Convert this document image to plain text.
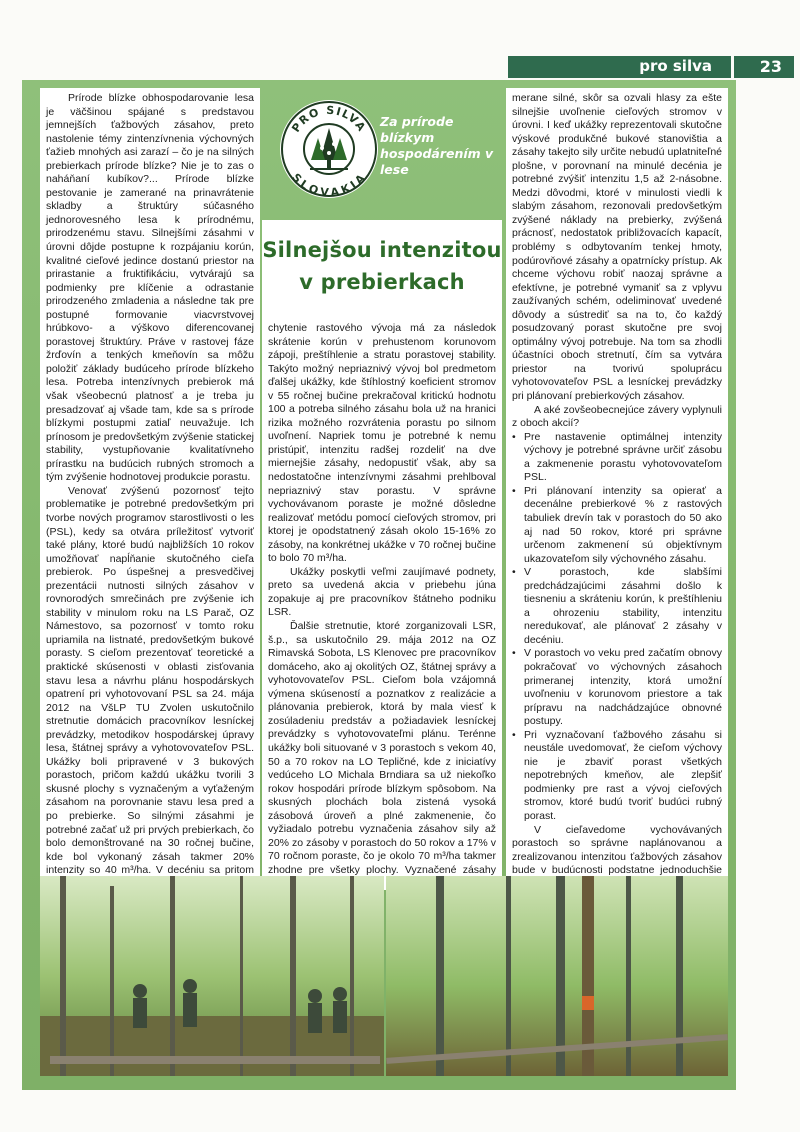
pro silva	23

Prírode blízke obhospodarovanie lesa je väčšinou spájané s predstavou jemnejších ťažbových zásahov, preto nastolenie témy zintenzívnenia výchovných ťažieb mnohých asi zarazí – čo je na silných prebierkach prírode blízke? Nie je to zas o naháňaní kubíkov?... Prírode blízke pestovanie je zamerané na prinavrátenie skladby a štruktúry súčasného jednorovesného lesa k prírodnému, prirodzenému stavu. Silnejšími zásahmi v úrovni dôjde postupne k rozpájaniu korún, kvalitné cieľové jedince dostanú priestor na prirastanie a fruktifikáciu, vytvárajú sa podmienky pre klíčenie a odrastanie prirodzeného zmladenia a následne tak pre postupné formovanie viacvrstvovej hrúbkovo- a výškovo diferencovanej porastovej štruktúry. Práve v rastovej fáze žrďovín a tenkých kmeňovín sa môžu položiť základy budúceho prírode blízkeho lesa. Potreba intenzívnych prebierok má však všeobecnú platnosť a je treba ju presadzovať aj všade tam, kde sa s prírode blízkymi postupmi zatiaľ neuvažuje. Ich prínosom je predovšetkým zvýšenie statickej stability, vystupňovanie kvalitatívneho prírastku na budúcich rubných stromoch a tým zvýšenie hodnotovej produkcie porastu.

Venovať zvýšenú pozornosť tejto problematike je potrebné predovšetkým pri tvorbe nových programov starostlivosti o les (PSL), kedy sa otvára príležitosť vytvoriť také plány, ktoré budú najbližších 10 rokov umožňovať napĺňanie skutočného cieľa prebierok. Po úspešnej a presvedčivej prezentácii nutnosti silných zásahov v rovnorodých smrečinách pre zvýšenie ich stability v minulom roku na LS Parač, OZ Námestovo, sa pozornosť v tomto roku upriamila na listnaté, predovšetkým bukové porasty. S cieľom prezentovať teoretické a praktické skúsenosti v oblasti zisťovania stavu lesa a návrhu plánu hospodárskych opatrení pri vyhotovovaní PSL sa 24. mája 2012 na VšLP TU Zvolen uskutočnilo stretnutie domácich pracovníkov lesníckej prevádzky, metodikov hospodárskej úpravy lesa, štátnej správy a vyhotovovateľov PSL. Ukážky boli pripravené v 3 bukových porastoch, pričom každú ukážku tvorili 3 skusné plochy s vyznačeným a vyťaženým zásahom na porovnanie stavu lesa pred a po prebierke. So silnými zásahmi je potrebné začať už pri prvých prebierkach, čo bolo demonštrované na 30 ročnej bučine, kde bol vykonaný zásah takmer 20% intenzity so 40 m³/ha. V decéniu sa pritom

PRO SILVA
SLOVAKIA
Za prírode blízkym hospodárením v lese
Silnejšou intenzitou
v prebierkach

chytenie rastového vývoja má za následok skrátenie korún v prehustenom korunovom zápoji, preštíhlenie a stratu porastovej stability. Takýto možný nepriaznivý vývoj bol predmetom ďalšej ukážky, kde štíhlostný koeficient stromov v 55 ročnej bučine prekračoval kritickú hodnotu 100 a potreba silného zásahu bola už na hranici rizika možného rozvrátenia porastu po silnom uvoľnení. Napriek tomu je potrebné k nemu pristúpiť, intenzitu radšej rozdeliť na dve miernejšie zásahy, nedopustiť však, aby sa nedostatočne intenzívnymi zásahmi prehlboval nepriaznivý stav porastu. V správne vychovávanom poraste je možné dôsledne realizovať metódu pomocí cieľových stromov, pri ktorej je opodstatnený zásah okolo 15-16% zo zásoby, na konkrétnej ukážke v 70 ročnej bučine to bolo 70 m³/ha.

Ukážky poskytli veľmi zaujímavé podnety, preto sa uvedená akcia v priebehu júna zopakuje aj pre pracovníkov štátneho podniku LSR.

Ďalšie stretnutie, ktoré zorganizovali LSR, š.p., sa uskutočnilo 29. mája 2012 na OZ Rimavská Sobota, LS Klenovec pre pracovníkov domáceho, ako aj okolitých OZ, štátnej správy a vyhotovovateľov PSL. Cieľom bola vzájomná výmena skúseností a poznatkov z realizácie a plánovania prebierok, ktorá by mala viesť k zosúladeniu predstáv a požiadaviek lesníckej prevádzky s vyhotovovateľmi plánu. Terénne ukážky boli situované v 3 porastoch s vekom 40, 50 a 70 rokov na LO Tepličné, kde z iniciatívy vedúceho LO Michala Brndiara sa už niekoľko rokov hospodári prírode blízkym spôsobom. Na skusných plochách bola zistená vysoká zásobová úroveň a plné zakmenenie, čo vyžiadalo potrebu vyznačenia zásahov sily až 20% zo zásoby v porastoch do 50 rokov a 17% v 70 ročnom poraste, čo je okolo 70 m³/ha takmer zhodne pre všetky plochy. Vyznačené zásahy

merane silné, skôr sa ozvali hlasy za ešte silnejšie uvoľnenie cieľových stromov v úrovni. I keď ukážky reprezentovali skutočne výskové produkčné bukové stanovištia a zásahy takejto sily určite nebudú uplatniteľné plošne, v porovnaní na minulé decénia je potrebné zvýšiť intenzitu 1,5 až 2-násobne. Medzi dôvodmi, ktoré v minulosti viedli k slabým zásahom, rezonovali predovšetkým zvýšené náklady na prebierky, zvýšená prácnosť, nedostatok približovacích kapacít, problémy s odbytovaním tenkej hmoty, podúrovňové zásahy a opatrnícky prístup. Ak chceme výchovu robiť naozaj správne a efektívne, je potrebné vymaniť sa z vplyvu zaužívaných schém, odeliminovať uvedené dôvody a sústrediť sa na to, čo každý posudzovaný porast skutočne pre svoj optimálny vývoj potrebuje. Na tom sa zhodli účastníci oboch stretnutí, čím sa vytvára priestor na tvorivú spoluprácu vyhotovovateľov PSL a lesníckej prevádzky pri plánovaní prebierkových zásahov.

A aké zovšeobecnejúce závery vyplynuli z oboch akcií?

• Pre nastavenie optimálnej intenzity výchovy je potrebné správne určiť zásobu a zakmenenie porastu vyhotovovateľom PSL.
• Pri plánovaní intenzity sa opierať a decenálne prebierkové % z rastových tabuliek drevín tak v porastoch do 50 ako aj nad 50 rokov, ktoré pri správne určenom zakmenení sú objektívnym ukazovateľom sily výchovného zásahu.
• V porastoch, kde slabšími predchádzajúcimi zásahmi došlo k tiesneniu a skráteniu korún, k preštíhleniu a ohrozeniu stability, intenzitu neredukovať, ale plánovať 2 zásahy v decéniu.
• V porastoch vo veku pred začatím obnovy pokračovať vo výchovných zásahoch primeranej intenzity, ktorá umožní uvoľneniu v korunovom priestore a tak prípravu na nadchádzajúce obnovné postupy.
• Pri vyznačovaní ťažbového zásahu si neustále uvedomovať, že cieľom výchovy nie je zbaviť porast všetkých nepotrebných kmeňov, ale zlepšiť podmienky pre rast a vývoj cieľových stromov, ktoré budú tvoriť budúci rubný porast.

V cieľavedome vychovávaných porastoch so správne naplánovanou a zrealizovanou intenzitou ťažbových zásahov bude v budúcnosti podstatne jednoduchšie
